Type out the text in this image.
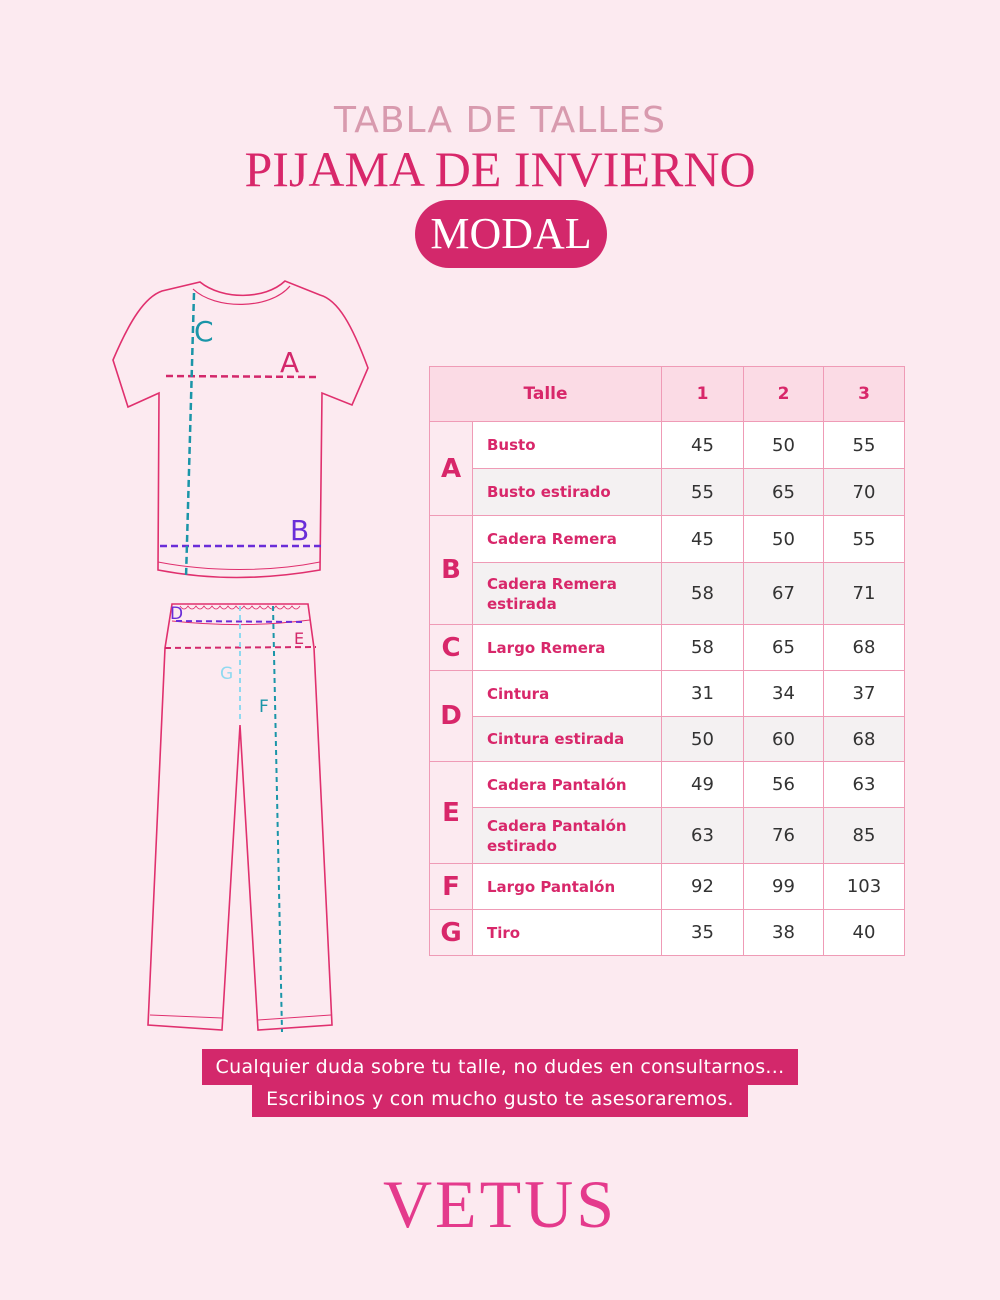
TABLA DE TALLES
PIJAMA DE INVIERNO
MODAL
C
A
B
D
E
G
F
Talle		1	2	3
A	Busto	45	50	55
	Busto estirado	55	65	70
B	Cadera Remera	45	50	55
	Cadera Remera estirada	58	67	71
C	Largo Remera	58	65	68
D	Cintura	31	34	37
	Cintura estirada	50	60	68
E	Cadera Pantalón	49	56	63
	Cadera Pantalón estirado	63	76	85
F	Largo Pantalón	92	99	103
G	Tiro	35	38	40
Cualquier duda sobre tu talle, no dudes en consultarnos...
Escribinos y con mucho gusto te asesoraremos.
VETUS
